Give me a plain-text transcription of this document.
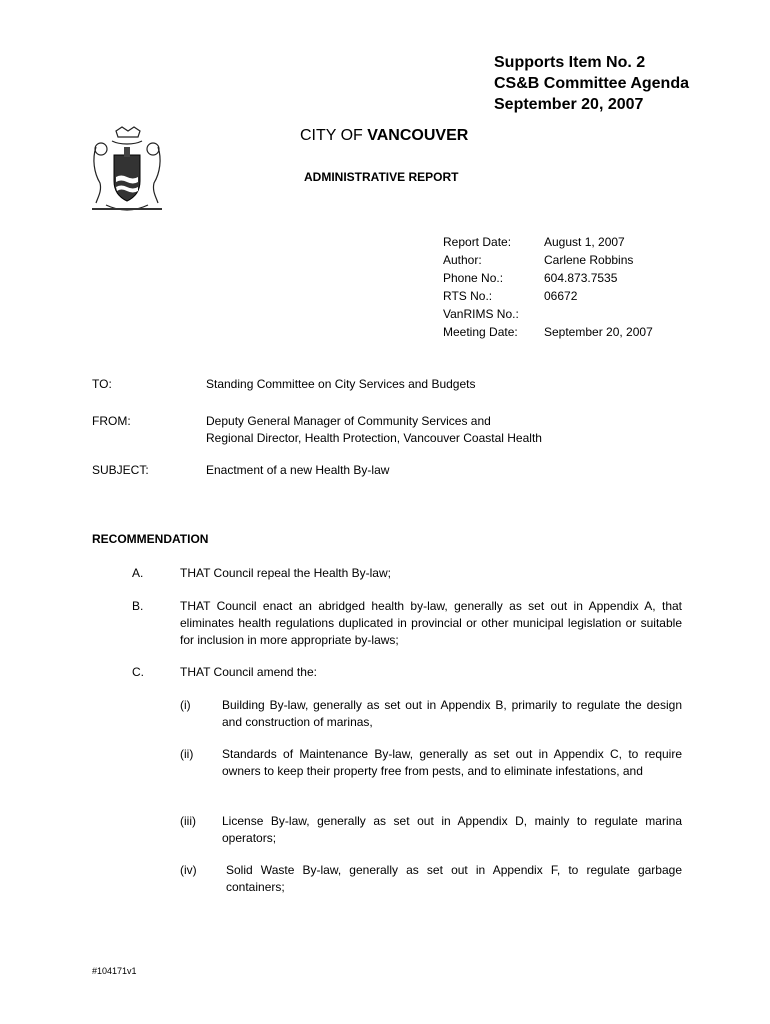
Supports Item No. 2
CS&B Committee Agenda
September 20, 2007
CITY OF VANCOUVER
ADMINISTRATIVE REPORT
Report Date:	August 1, 2007
Author:	Carlene Robbins
Phone No.:	604.873.7535
RTS No.:	06672
VanRIMS No.:
Meeting Date:	September 20, 2007
TO:	Standing Committee on City Services and Budgets
FROM:	Deputy General Manager of Community Services and
Regional Director, Health Protection, Vancouver Coastal Health
SUBJECT:	Enactment of a new Health By-law
RECOMMENDATION
A.	THAT Council repeal the Health By-law;
B.	THAT Council enact an abridged health by-law, generally as set out in Appendix A, that eliminates health regulations duplicated in provincial or other municipal legislation or suitable for inclusion in more appropriate by-laws;
C.	THAT Council amend the:
(i)	Building By-law, generally as set out in Appendix B, primarily to regulate the design and construction of marinas,
(ii) Standards of Maintenance By-law, generally as set out in Appendix C, to require owners to keep their property free from pests, and to eliminate infestations, and
(iii) License By-law, generally as set out in Appendix D, mainly to regulate marina operators;
(iv) Solid Waste By-law, generally as set out in Appendix F, to regulate garbage containers;
#104171v1
